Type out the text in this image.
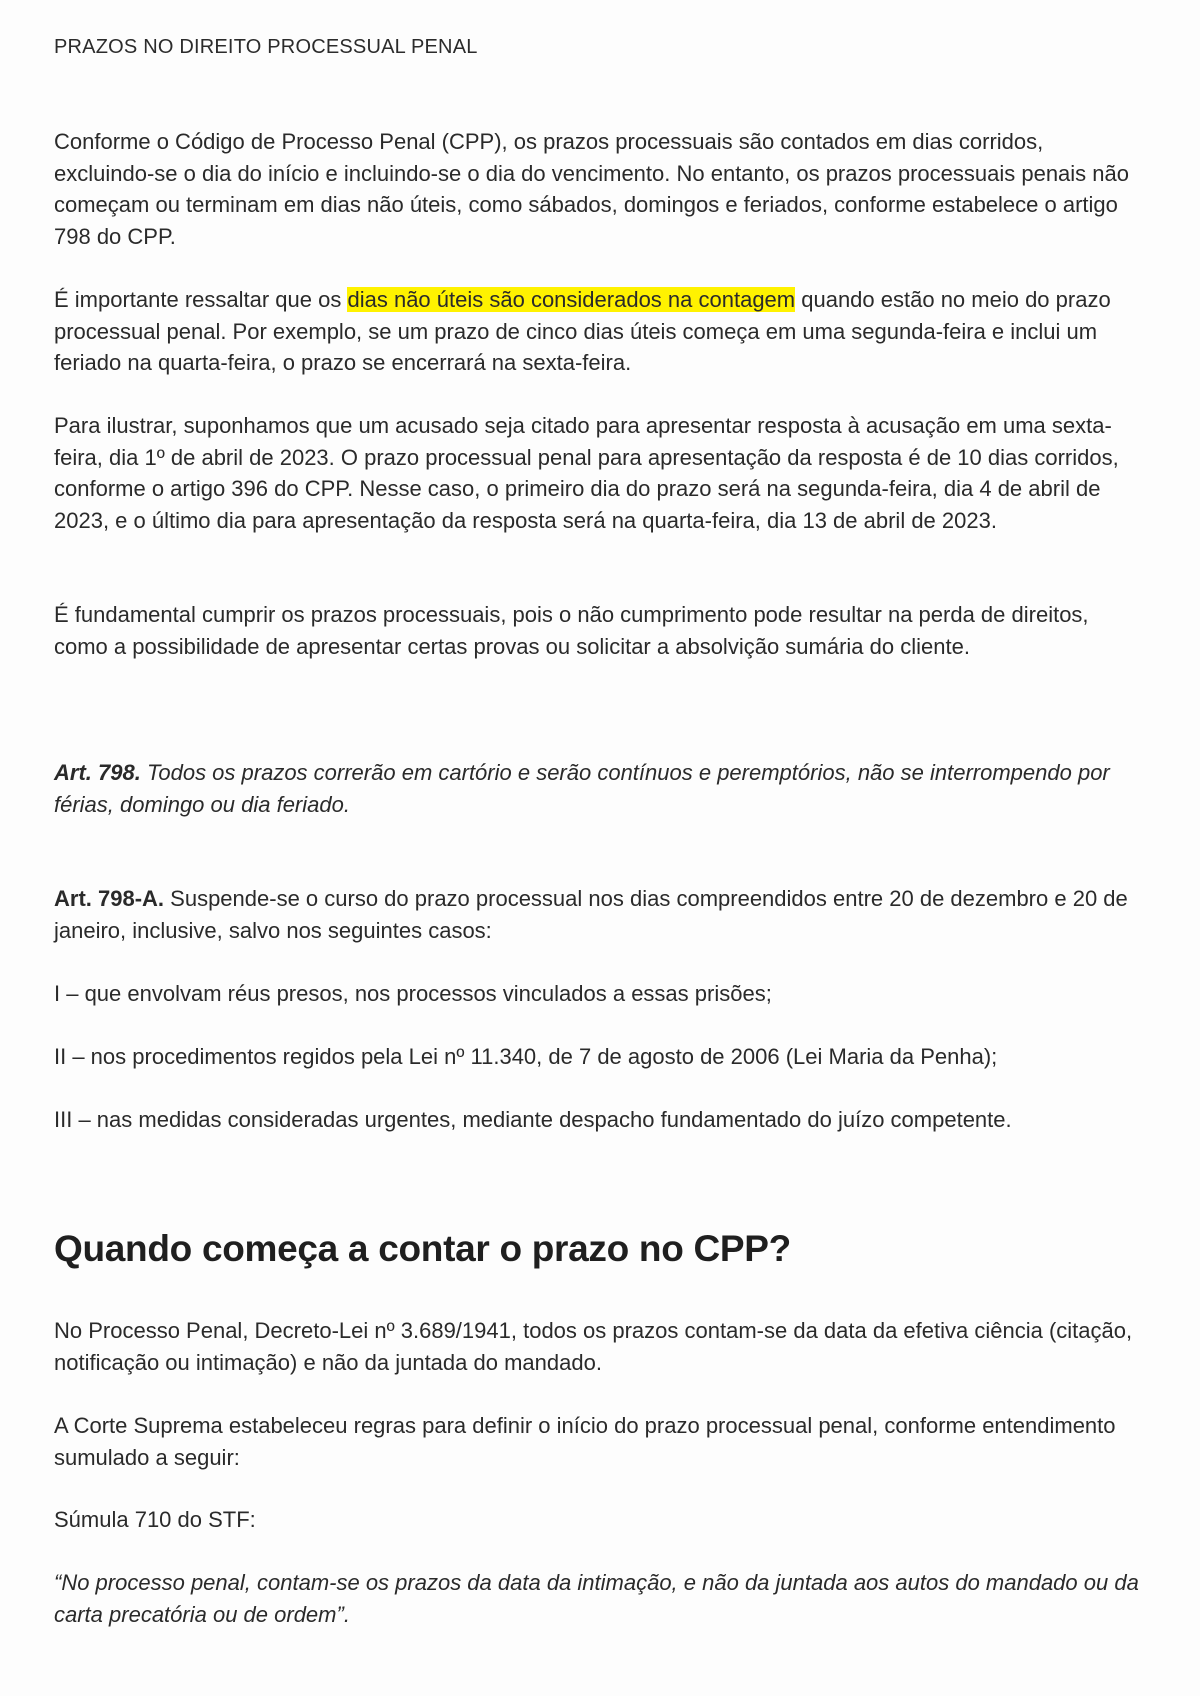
PRAZOS NO DIREITO PROCESSUAL PENAL

Conforme o Código de Processo Penal (CPP), os prazos processuais são contados em dias corridos, excluindo-se o dia do início e incluindo-se o dia do vencimento. No entanto, os prazos processuais penais não começam ou terminam em dias não úteis, como sábados, domingos e feriados, conforme estabelece o artigo 798 do CPP.

É importante ressaltar que os dias não úteis são considerados na contagem quando estão no meio do prazo processual penal. Por exemplo, se um prazo de cinco dias úteis começa em uma segunda-feira e inclui um feriado na quarta-feira, o prazo se encerrará na sexta-feira.

Para ilustrar, suponhamos que um acusado seja citado para apresentar resposta à acusação em uma sexta-feira, dia 1º de abril de 2023. O prazo processual penal para apresentação da resposta é de 10 dias corridos, conforme o artigo 396 do CPP. Nesse caso, o primeiro dia do prazo será na segunda-feira, dia 4 de abril de 2023, e o último dia para apresentação da resposta será na quarta-feira, dia 13 de abril de 2023.

É fundamental cumprir os prazos processuais, pois o não cumprimento pode resultar na perda de direitos, como a possibilidade de apresentar certas provas ou solicitar a absolvição sumária do cliente.

Art. 798. Todos os prazos correrão em cartório e serão contínuos e peremptórios, não se interrompendo por férias, domingo ou dia feriado.

Art. 798-A. Suspende-se o curso do prazo processual nos dias compreendidos entre 20 de dezembro e 20 de janeiro, inclusive, salvo nos seguintes casos:

I – que envolvam réus presos, nos processos vinculados a essas prisões;

II – nos procedimentos regidos pela Lei nº 11.340, de 7 de agosto de 2006 (Lei Maria da Penha);

III – nas medidas consideradas urgentes, mediante despacho fundamentado do juízo competente.

Quando começa a contar o prazo no CPP?

No Processo Penal, Decreto-Lei nº 3.689/1941, todos os prazos contam-se da data da efetiva ciência (citação, notificação ou intimação) e não da juntada do mandado.

A Corte Suprema estabeleceu regras para definir o início do prazo processual penal, conforme entendimento sumulado a seguir:

Súmula 710 do STF:

“No processo penal, contam-se os prazos da data da intimação, e não da juntada aos autos do mandado ou da carta precatória ou de ordem”.
